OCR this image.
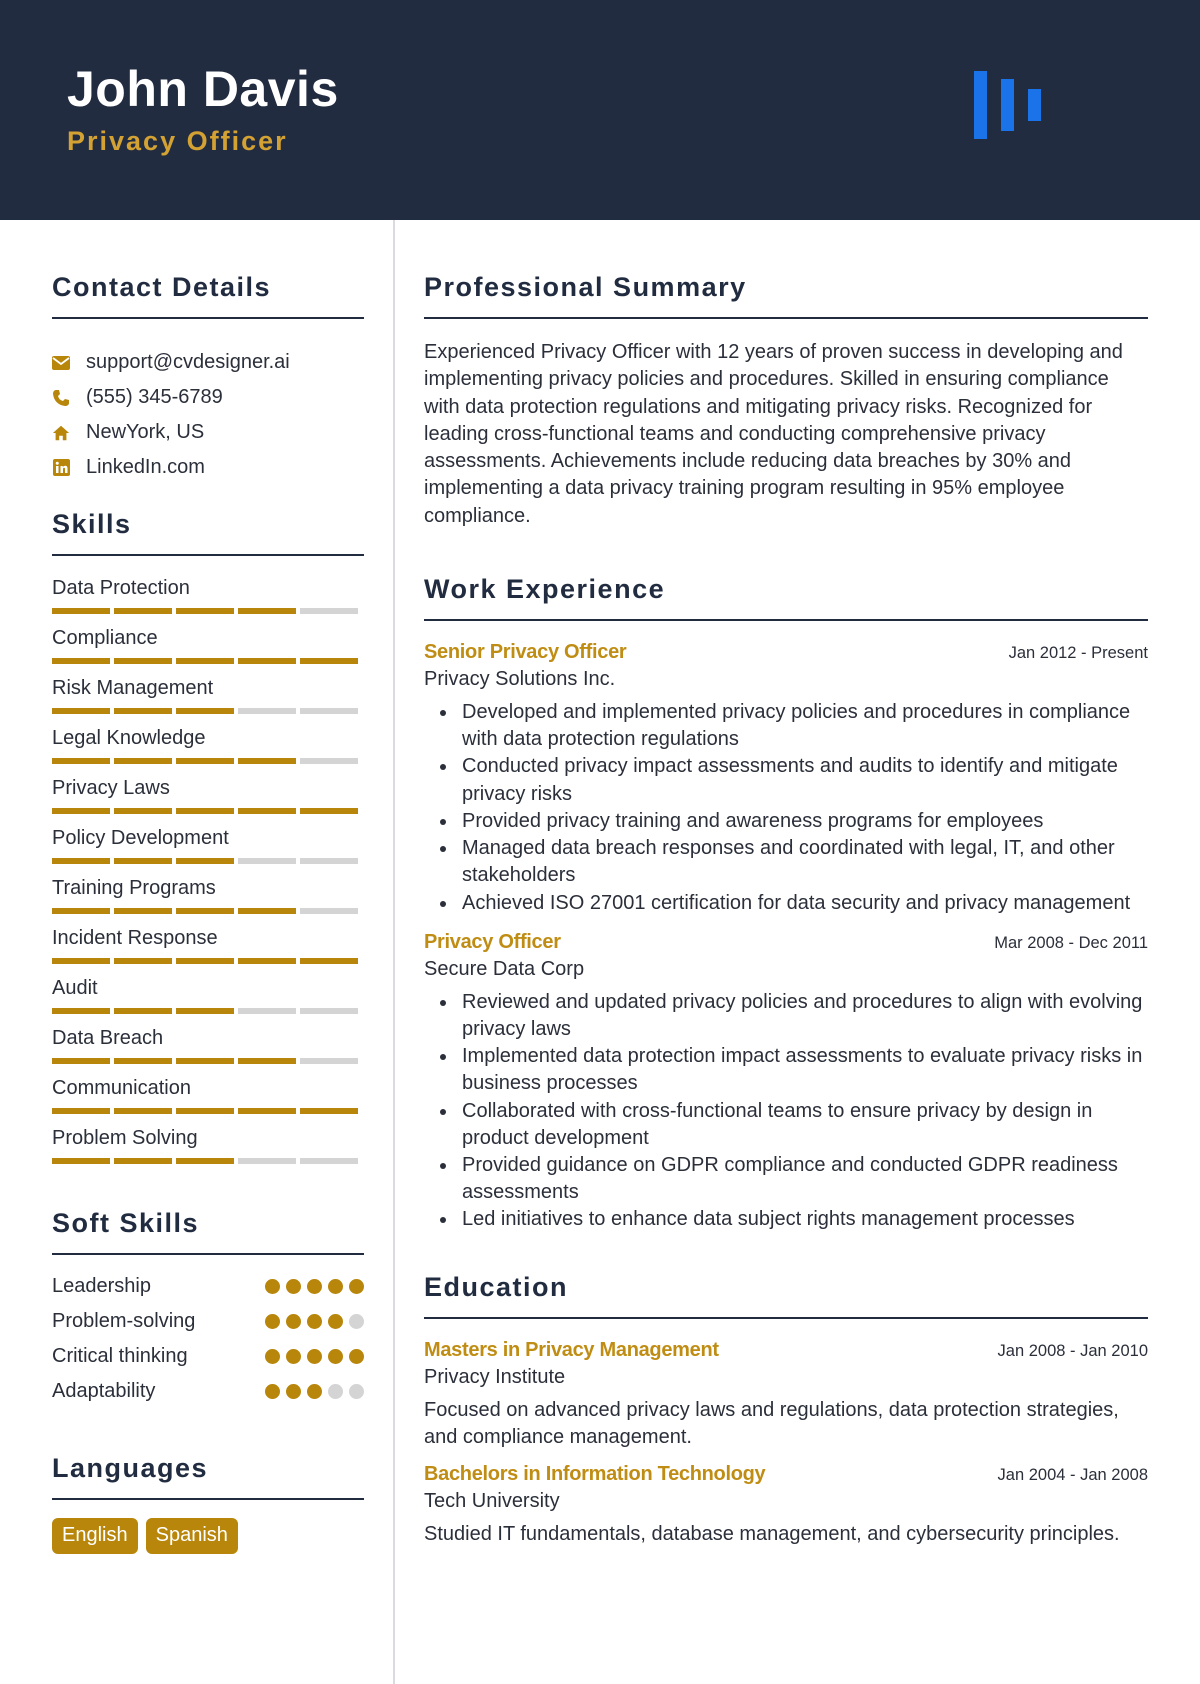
John Davis
Privacy Officer
Contact Details
support@cvdesigner.ai
(555) 345-6789
NewYork, US
LinkedIn.com
Skills
Data Protection
Compliance
Risk Management
Legal Knowledge
Privacy Laws
Policy Development
Training Programs
Incident Response
Audit
Data Breach
Communication
Problem Solving
Soft Skills
Leadership
Problem-solving
Critical thinking
Adaptability
Languages
English	Spanish
Professional Summary

Experienced Privacy Officer with 12 years of proven success in developing and implementing privacy policies and procedures. Skilled in ensuring compliance with data protection regulations and mitigating privacy risks. Recognized for leading cross-functional teams and conducting comprehensive privacy assessments. Achievements include reducing data breaches by 30% and implementing a data privacy training program resulting in 95% employee compliance.

Work Experience
Senior Privacy Officer	Jan 2012 - Present
Privacy Solutions Inc.
Developed and implemented privacy policies and procedures in compliance with data protection regulations
Conducted privacy impact assessments and audits to identify and mitigate privacy risks
Provided privacy training and awareness programs for employees
Managed data breach responses and coordinated with legal, IT, and other stakeholders
Achieved ISO 27001 certification for data security and privacy management
Privacy Officer	Mar 2008 - Dec 2011
Secure Data Corp
Reviewed and updated privacy policies and procedures to align with evolving privacy laws
Implemented data protection impact assessments to evaluate privacy risks in business processes
Collaborated with cross-functional teams to ensure privacy by design in product development
Provided guidance on GDPR compliance and conducted GDPR readiness assessments
Led initiatives to enhance data subject rights management processes
Education
Masters in Privacy Management	Jan 2008 - Jan 2010
Privacy Institute

Focused on advanced privacy laws and regulations, data protection strategies, and compliance management.

Bachelors in Information Technology	Jan 2004 - Jan 2008
Tech University

Studied IT fundamentals, database management, and cybersecurity principles.
